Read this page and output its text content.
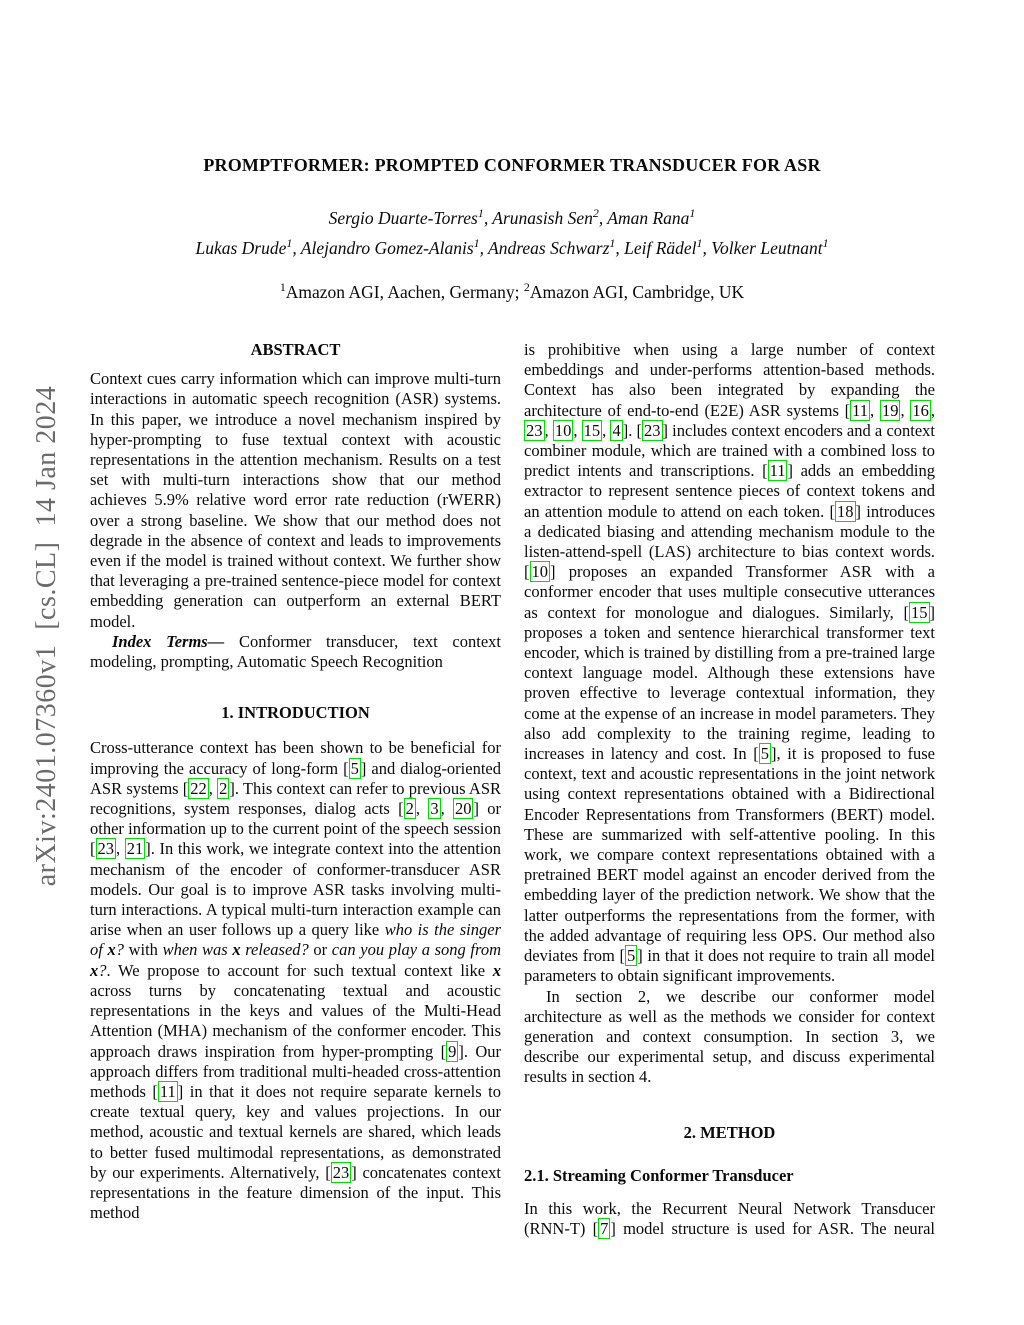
arXiv:2401.07360v1  [cs.CL]  14 Jan 2024
PROMPTFORMER: PROMPTED CONFORMER TRANSDUCER FOR ASR
Sergio Duarte-Torres$^1$, Arunasish Sen$^2$, Aman Rana$^1$
Lukas Drude$^1$, Alejandro Gomez-Alanis$^1$, Andreas Schwarz$^1$, Leif Rädel$^1$, Volker Leutnant$^1$
$^1$Amazon AGI, Aachen, Germany; $^2$Amazon AGI, Cambridge, UK
ABSTRACT

Context cues carry information which can improve multi-turn interactions in automatic speech recognition (ASR) systems. In this paper, we introduce a novel mechanism inspired by hyper-prompting to fuse textual context with acoustic representations in the attention mechanism. Results on a test set with multi-turn interactions show that our method achieves 5.9% relative word error rate reduction (rWERR) over a strong baseline. We show that our method does not degrade in the absence of context and leads to improvements even if the model is trained without context. We further show that leveraging a pre-trained sentence-piece model for context embedding generation can outperform an external BERT model.

Index Terms— Conformer transducer, text context modeling, prompting, Automatic Speech Recognition

1. INTRODUCTION

Cross-utterance context has been shown to be beneficial for improving the accuracy of long-form [ 5 ] and dialog-oriented ASR systems [ 22 , 2 ]. This context can refer to previous ASR recognitions, system responses, dialog acts [ 2 , 3 , 20 ] or other information up to the current point of the speech session [ 23 , 21 ]. In this work, we integrate context into the attention mechanism of the encoder of conformer-transducer ASR models. Our goal is to improve ASR tasks involving multi-turn interactions. A typical multi-turn interaction example can arise when an user follows up a query like who is the singer of x? with when was x released? or can you play a song from x?. We propose to account for such textual context like x across turns by concatenating textual and acoustic representations in the keys and values of the Multi-Head Attention (MHA) mechanism of the conformer encoder. This approach draws inspiration from hyper-prompting [ 9 ]. Our approach differs from traditional multi-headed cross-attention methods [ 11 ] in that it does not require separate kernels to create textual query, key and values projections. In our method, acoustic and textual kernels are shared, which leads to better fused multimodal representations, as demonstrated by our experiments. Alternatively, [ 23 ] concatenates context representations in the feature dimension of the input. This method

is prohibitive when using a large number of context embeddings and under-performs attention-based methods. Context has also been integrated by expanding the architecture of end-to-end (E2E) ASR systems [ 11 , 19 , 16 , 23 , 10 , 15 , 4 ]. [ 23 ] includes context encoders and a context combiner module, which are trained with a combined loss to predict intents and transcriptions. [ 11 ] adds an embedding extractor to represent sentence pieces of context tokens and an attention module to attend on each token. [ 18 ] introduces a dedicated biasing and attending mechanism module to the listen-attend-spell (LAS) architecture to bias context words. [ 10 ] proposes an expanded Transformer ASR with a conformer encoder that uses multiple consecutive utterances as context for monologue and dialogues. Similarly, [ 15 ] proposes a token and sentence hierarchical transformer text encoder, which is trained by distilling from a pre-trained large context language model. Although these extensions have proven effective to leverage contextual information, they come at the expense of an increase in model parameters. They also add complexity to the training regime, leading to increases in latency and cost. In [ 5 ], it is proposed to fuse context, text and acoustic representations in the joint network using context representations obtained with a Bidirectional Encoder Representations from Transformers (BERT) model. These are summarized with self-attentive pooling. In this work, we compare context representations obtained with a pretrained BERT model against an encoder derived from the embedding layer of the prediction network. We show that the latter outperforms the representations from the former, with the added advantage of requiring less OPS. Our method also deviates from [ 5 ] in that it does not require to train all model parameters to obtain significant improvements.

In section 2, we describe our conformer model architecture as well as the methods we consider for context generation and context consumption. In section 3, we describe our experimental setup, and discuss experimental results in section 4.

2. METHOD
2.1. Streaming Conformer Transducer

In this work, the Recurrent Neural Network Transducer (RNN-T) [ 7 ] model structure is used for ASR. The neural
